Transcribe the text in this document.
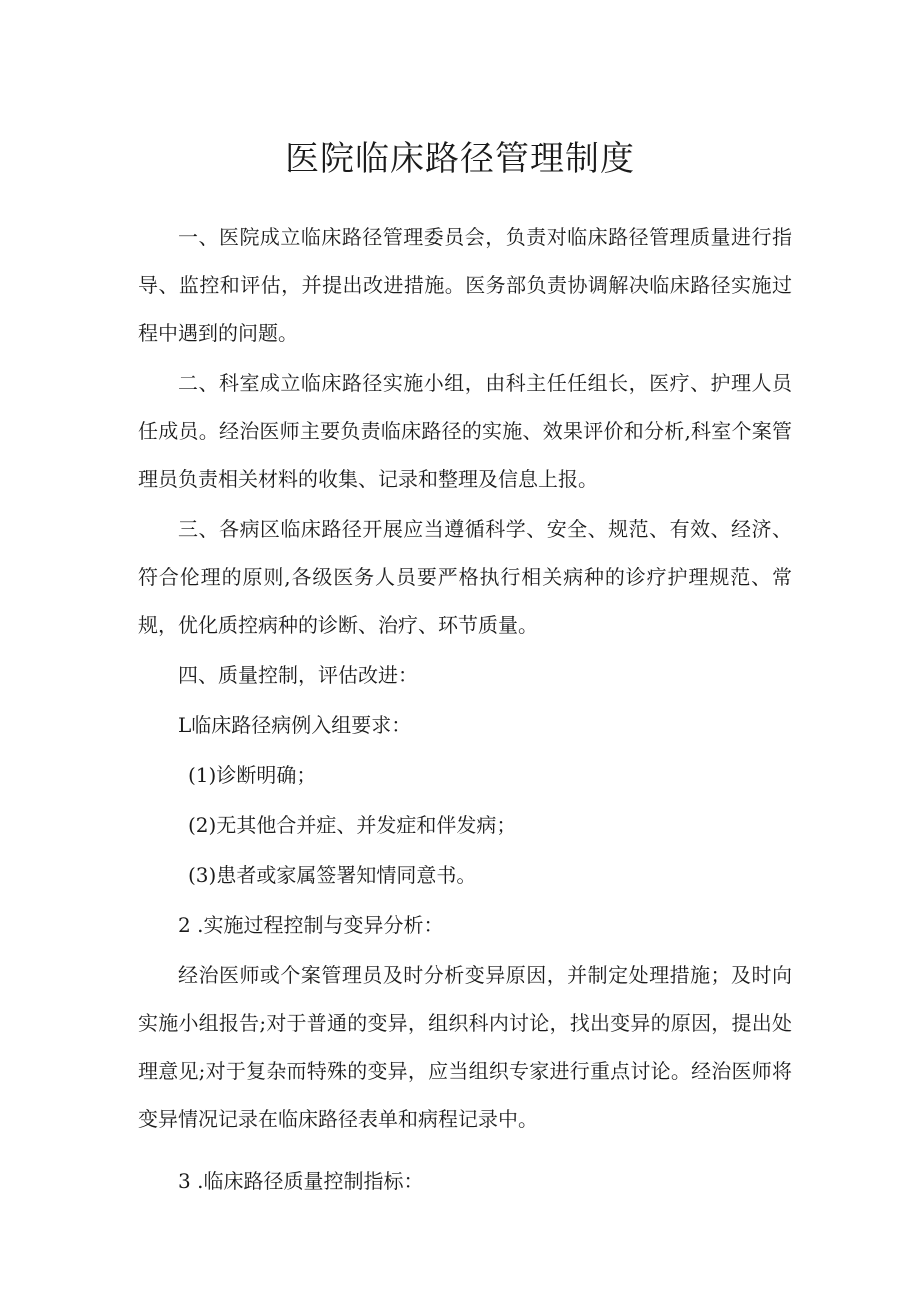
医院临床路径管理制度

一、医院成立临床路径管理委员会，负责对临床路径管理质量进行指导、监控和评估，并提出改进措施。医务部负责协调解决临床路径实施过程中遇到的问题。

二、科室成立临床路径实施小组，由科主任任组长，医疗、护理人员任成员。经治医师主要负责临床路径的实施、效果评价和分析,科室个案管理员负责相关材料的收集、记录和整理及信息上报。

三、各病区临床路径开展应当遵循科学、安全、规范、有效、经济、符合伦理的原则,各级医务人员要严格执行相关病种的诊疗护理规范、常规，优化质控病种的诊断、治疗、环节质量。

四、质量控制，评估改进：

L临床路径病例入组要求：

(1)诊断明确；

(2)无其他合并症、并发症和伴发病；

(3)患者或家属签署知情同意书。

2 .实施过程控制与变异分析：

经治医师或个案管理员及时分析变异原因，并制定处理措施；及时向实施小组报告;对于普通的变异，组织科内讨论，找出变异的原因，提出处理意见;对于复杂而特殊的变异，应当组织专家进行重点讨论。经治医师将变异情况记录在临床路径表单和病程记录中。

3 .临床路径质量控制指标：
